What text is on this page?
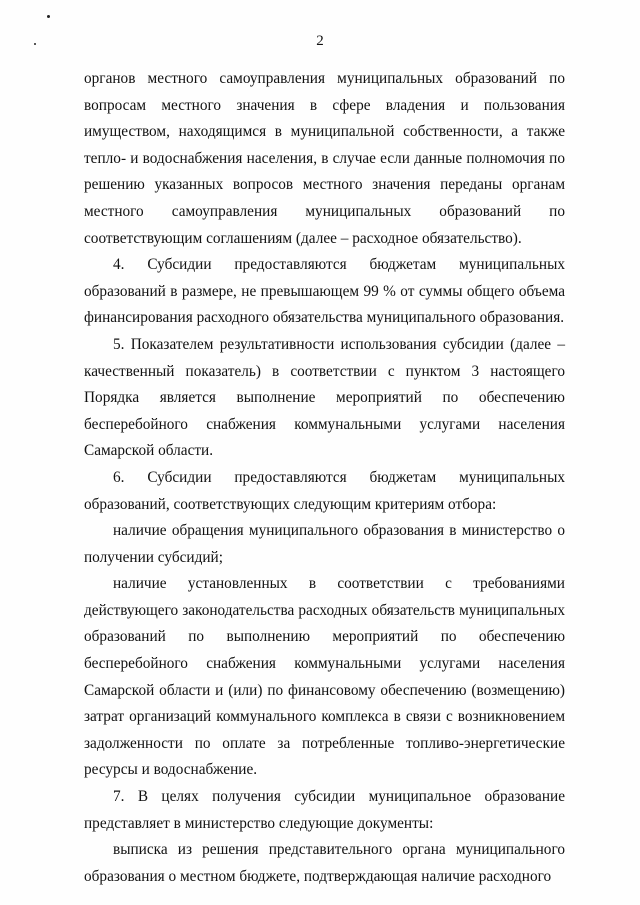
2

органов местного самоуправления муниципальных образований по вопросам местного значения в сфере владения и пользования имуществом, находящимся в муниципальной собственности, а также тепло- и водоснабжения населения, в случае если данные полномочия по решению указанных вопросов местного значения переданы органам местного самоуправления муниципальных образований по соответствующим соглашениям (далее – расходное обязательство).

4. Субсидии предоставляются бюджетам муниципальных образований в размере, не превышающем 99 % от суммы общего объема финансирования расходного обязательства муниципального образования.

5. Показателем результативности использования субсидии (далее – качественный показатель) в соответствии с пунктом 3 настоящего Порядка является выполнение мероприятий по обеспечению бесперебойного снабжения коммунальными услугами населения Самарской области.

6. Субсидии предоставляются бюджетам муниципальных образований, соответствующих следующим критериям отбора:

наличие обращения муниципального образования в министерство о получении субсидий;

наличие установленных в соответствии с требованиями действующего законодательства расходных обязательств муниципальных образований по выполнению мероприятий по обеспечению бесперебойного снабжения коммунальными услугами населения Самарской области и (или) по финансовому обеспечению (возмещению) затрат организаций коммунального комплекса в связи с возникновением задолженности по оплате за потребленные топливо-энергетические ресурсы и водоснабжение.

7. В целях получения субсидии муниципальное образование представляет в министерство следующие документы:

выписка из решения представительного органа муниципального образования о местном бюджете, подтверждающая наличие расходного
